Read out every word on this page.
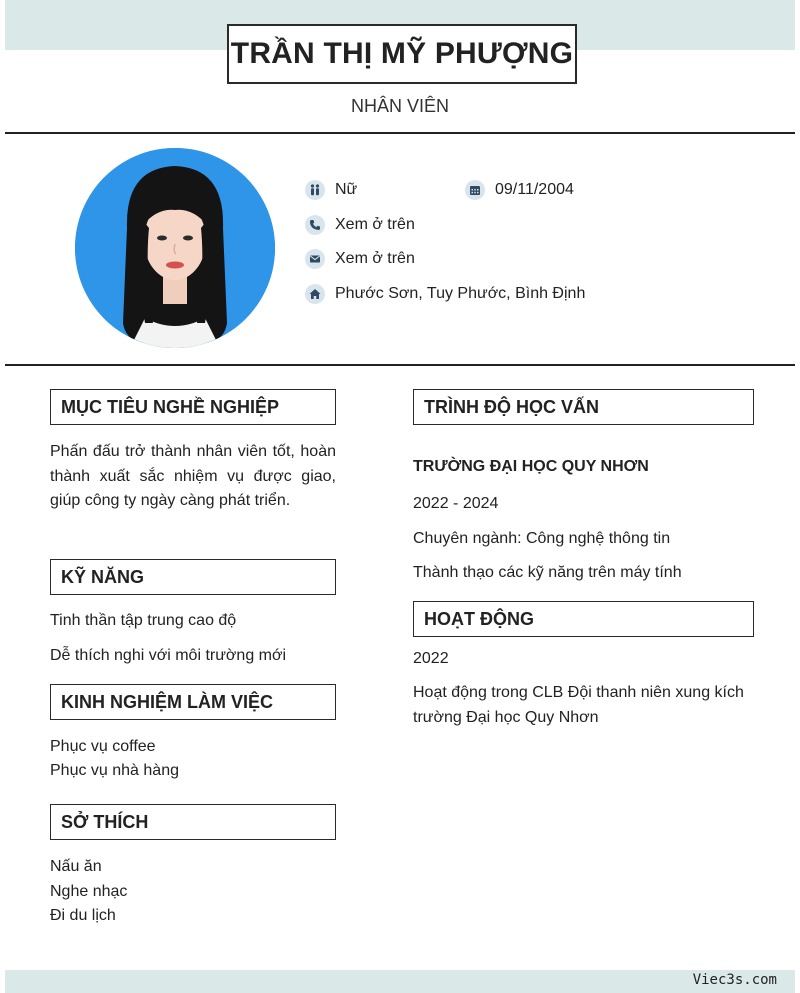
TRẦN THỊ MỸ PHƯỢNG
NHÂN VIÊN
Nữ	09/11/2004
Xem ở trên
Xem ở trên
Phước Sơn, Tuy Phước, Bình Định
MỤC TIÊU NGHỀ NGHIỆP
Phấn đấu trở thành nhân viên tốt, hoàn thành xuất sắc nhiệm vụ được giao, giúp công ty ngày càng phát triển.
KỸ NĂNG
Tinh thần tập trung cao độ
Dễ thích nghi với môi trường mới
KINH NGHIỆM LÀM VIỆC
Phục vụ coffee
Phục vụ nhà hàng
SỞ THÍCH
Nấu ăn
Nghe nhạc
Đi du lịch
TRÌNH ĐỘ HỌC VẤN
TRƯỜNG ĐẠI HỌC QUY NHƠN
2022 - 2024
Chuyên ngành: Công nghệ thông tin
Thành thạo các kỹ năng trên máy tính
HOẠT ĐỘNG
2022
Hoạt động trong CLB Đội thanh niên xung kích trường Đại học Quy Nhơn
Viec3s.com
